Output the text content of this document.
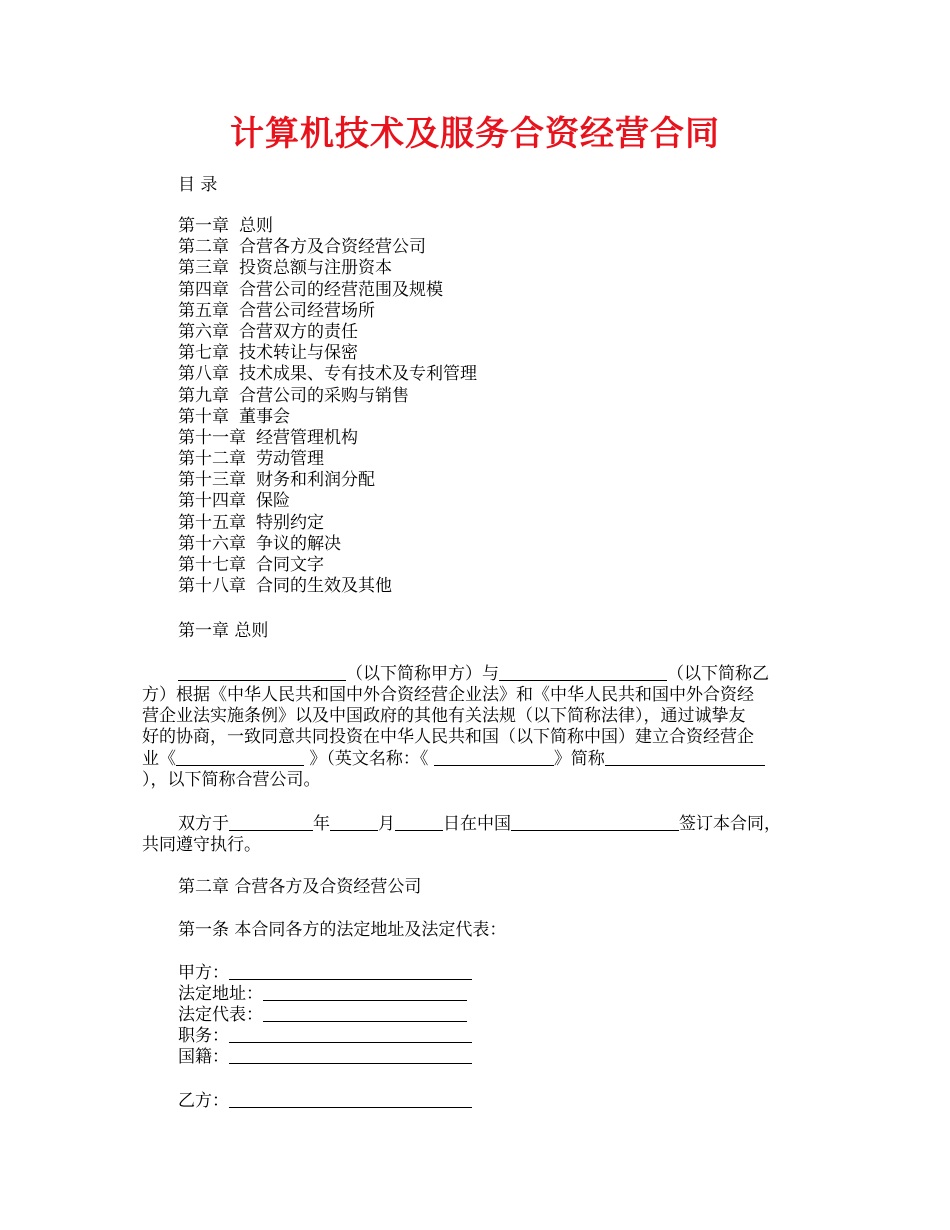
计算机技术及服务合资经营合同
目 录
第一章 总则
第二章 合营各方及合资经营公司
第三章 投资总额与注册资本
第四章 合营公司的经营范围及规模
第五章 合营公司经营场所
第六章 合营双方的责任
第七章 技术转让与保密
第八章 技术成果、专有技术及专利管理
第九章 合营公司的采购与销售
第十章 董事会
第十一章 经营管理机构
第十二章 劳动管理
第十三章 财务和利润分配
第十四章 保险
第十五章 特别约定
第十六章 争议的解决
第十七章 合同文字
第十八章 合同的生效及其他
第一章 总则
（以下简称甲方）与	（以下简称乙
方）根据《中华人民共和国中外合资经营企业法》和《中华人民共和国中外合资经
营企业法实施条例》以及中国政府的其他有关法规（以下简称法律），通过诚挚友
好的协商，一致同意共同投资在中华人民共和国（以下简称中国）建立合资经营企
业《	》（英文名称：《	》简称
），以下简称合营公司。
双方于	年	月	日在中国	签订本合同，
共同遵守执行。
第二章 合营各方及合资经营公司
第一条 本合同各方的法定地址及法定代表：
甲方：
法定地址：
法定代表：
职务：
国籍：
乙方：
